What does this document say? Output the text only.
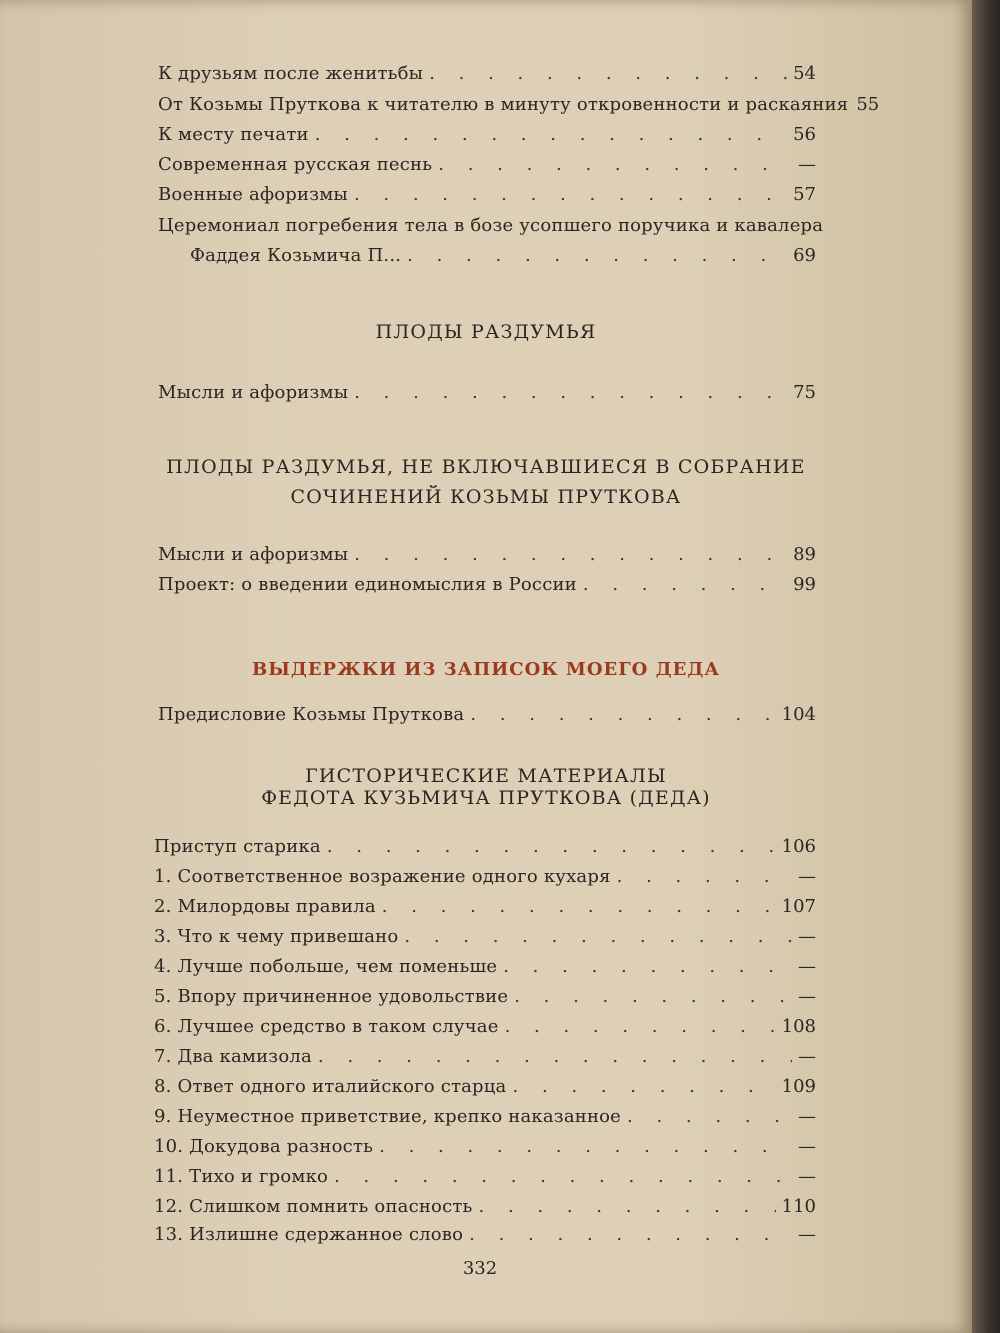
К друзьям после женитьбы . . .	54
От Козьмы Пруткова к читателю в минуту откровенности и раскаяния 55
К месту печати . . .	56
Современная русская песнь . . .	—
Военные афоризмы . . .	57
Церемониал погребения тела в бозе усопшего поручика и кавалера
Фаддея Козьмича П... . . .	69
ПЛОДЫ РАЗДУМЬЯ
Мысли и афоризмы . . .	75
ПЛОДЫ РАЗДУМЬЯ, НЕ ВКЛЮЧАВШИЕСЯ В СОБРАНИЕ
СОЧИНЕНИЙ КОЗЬМЫ ПРУТКОВА
Мысли и афоризмы . . .	89
Проект: о введении единомыслия в России . . .	99
ВЫДЕРЖКИ ИЗ ЗАПИСОК МОЕГО ДЕДА
Предисловие Козьмы Пруткова . . .	104
ГИСТОРИЧЕСКИЕ МАТЕРИАЛЫ
ФЕДОТА КУЗЬМИЧА ПРУТКОВА (ДЕДА)
Приступ старика . . .	106
1. Соответственное возражение одного кухаря . . .	—
2. Милордовы правила . . .	107
3. Что к чему привешано . . .	—
4. Лучше побольше, чем поменьше . . .	—
5. Впору причиненное удовольствие . . .	—
6. Лучшее средство в таком случае . . .	108
7. Два камизола . . .	—
8. Ответ одного италийского старца . . .	109
9. Неуместное приветствие, крепко наказанное . . .	—
10. Докудова разность . . .	—
11. Тихо и громко . . .	—
12. Слишком помнить опасность . . .	110
13. Излишне сдержанное слово . . .	—
332
